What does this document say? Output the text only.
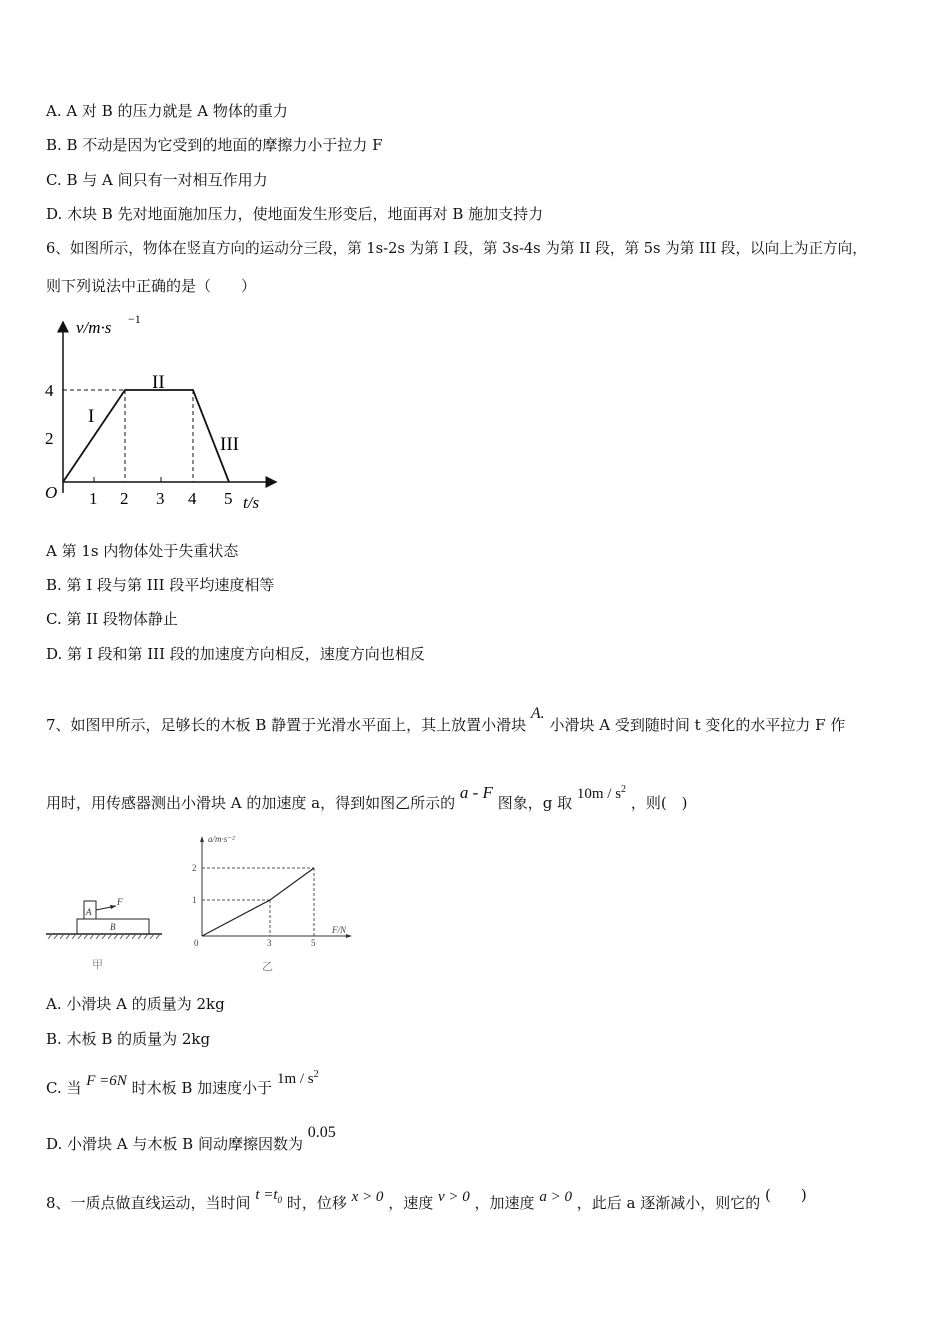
A. A 对 B 的压力就是 A 物体的重力
B. B 不动是因为它受到的地面的摩擦力小于拉力 F
C. B 与 A 间只有一对相互作用力
D. 木块 B 先对地面施加压力，使地面发生形变后，地面再对 B 施加支持力
6、如图所示，物体在竖直方向的运动分三段，第 1s-2s 为第 I 段，第 3s-4s 为第 II 段，第 5s 为第 III 段，以向上为正方向，
则下列说法中正确的是（　　）
v/m·s −1
O
4
2
1 2 3 4 5 t/s
I
II
III
A 第 1s 内物体处于失重状态
B. 第 I 段与第 III 段平均速度相等
C. 第 II 段物体静止
D. 第 I 段和第 III 段的加速度方向相反，速度方向也相反
7、如图甲所示，足够长的木板 B 静置于光滑水平面上，其上放置小滑块 A. 小滑块 A 受到随时间 t 变化的水平拉力 F 作
用时，用传感器测出小滑块 A 的加速度 a，得到如图乙所示的 a - F 图象，g 取 $10m / s^2$ ，则(　)
A
B
F
甲
a/m·s⁻²
2
1
0	3	5
F/N
乙
A. 小滑块 A 的质量为 2kg
B. 木板 B 的质量为 2kg
C. 当 F =6N 时木板 B 加速度小于 $1m / s^2$
D. 小滑块 A 与木板 B 间动摩擦因数为 0.05
8、一质点做直线运动，当时间 $t =t_0$ 时，位移 x > 0 ，速度 v > 0 ，加速度 a > 0 ，此后 a 逐渐减小，则它的 (　　)
